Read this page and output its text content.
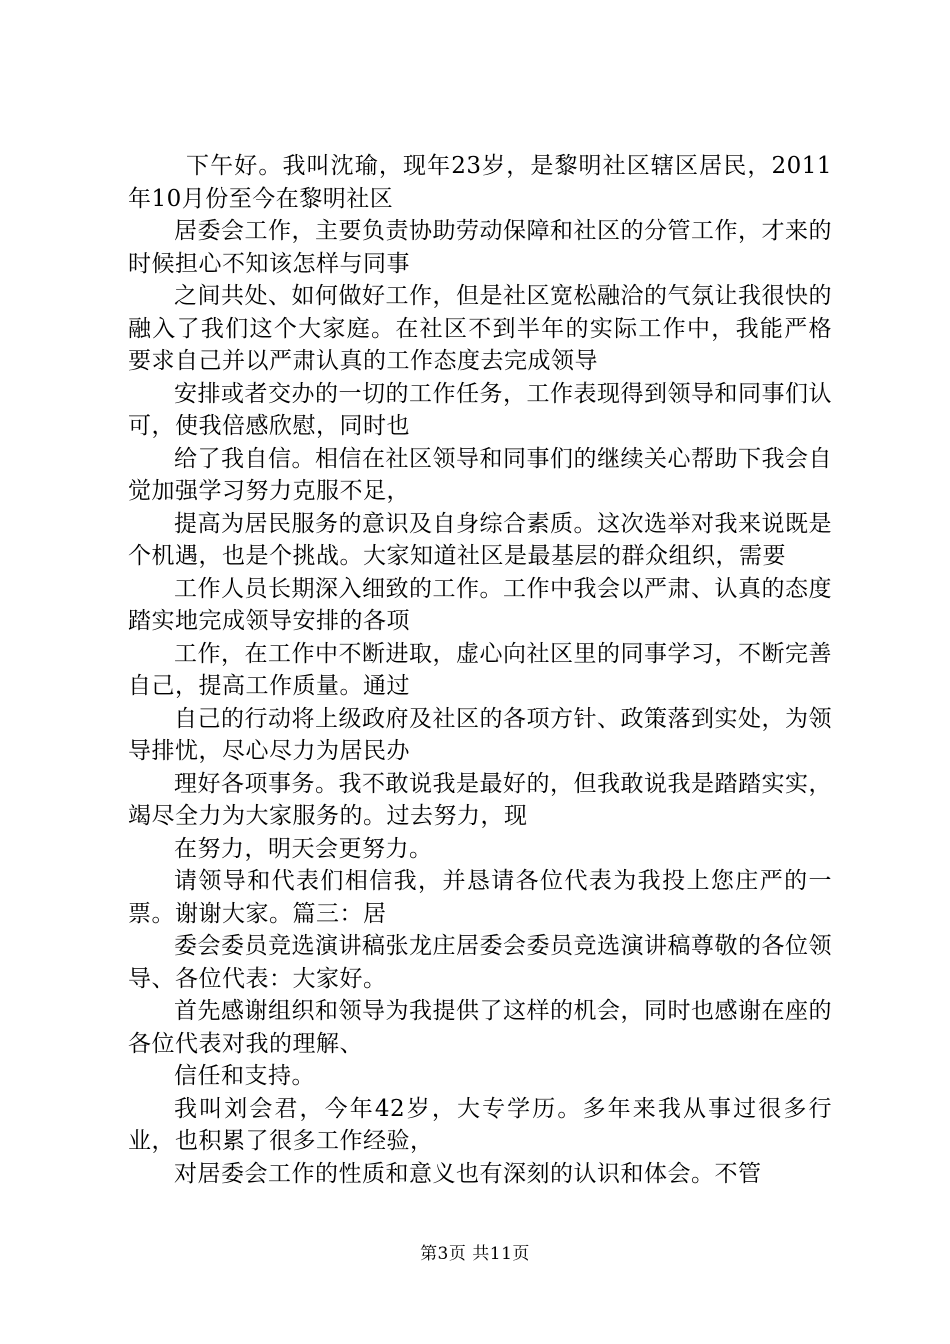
下午好。我叫沈瑜，现年23岁，是黎明社区辖区居民，2011年10月份至今在黎明社区

居委会工作，主要负责协助劳动保障和社区的分管工作，才来的时候担心不知该怎样与同事

之间共处、如何做好工作，但是社区宽松融洽的气氛让我很快的融入了我们这个大家庭。在社区不到半年的实际工作中，我能严格要求自己并以严肃认真的工作态度去完成领导

安排或者交办的一切的工作任务，工作表现得到领导和同事们认可，使我倍感欣慰，同时也

给了我自信。相信在社区领导和同事们的继续关心帮助下我会自觉加强学习努力克服不足，

提高为居民服务的意识及自身综合素质。这次选举对我来说既是个机遇，也是个挑战。大家知道社区是最基层的群众组织，需要

工作人员长期深入细致的工作。工作中我会以严肃、认真的态度踏实地完成领导安排的各项

工作，在工作中不断进取，虚心向社区里的同事学习，不断完善自己，提高工作质量。通过

自己的行动将上级政府及社区的各项方针、政策落到实处，为领导排忧，尽心尽力为居民办

理好各项事务。我不敢说我是最好的，但我敢说我是踏踏实实，竭尽全力为大家服务的。过去努力，现

在努力，明天会更努力。

请领导和代表们相信我，并恳请各位代表为我投上您庄严的一票。谢谢大家。篇三：居

委会委员竞选演讲稿张龙庄居委会委员竞选演讲稿尊敬的各位领导、各位代表：大家好。

首先感谢组织和领导为我提供了这样的机会，同时也感谢在座的各位代表对我的理解、

信任和支持。

我叫刘会君，今年42岁，大专学历。多年来我从事过很多行业，也积累了很多工作经验，

对居委会工作的性质和意义也有深刻的认识和体会。不管

第3页 共11页
